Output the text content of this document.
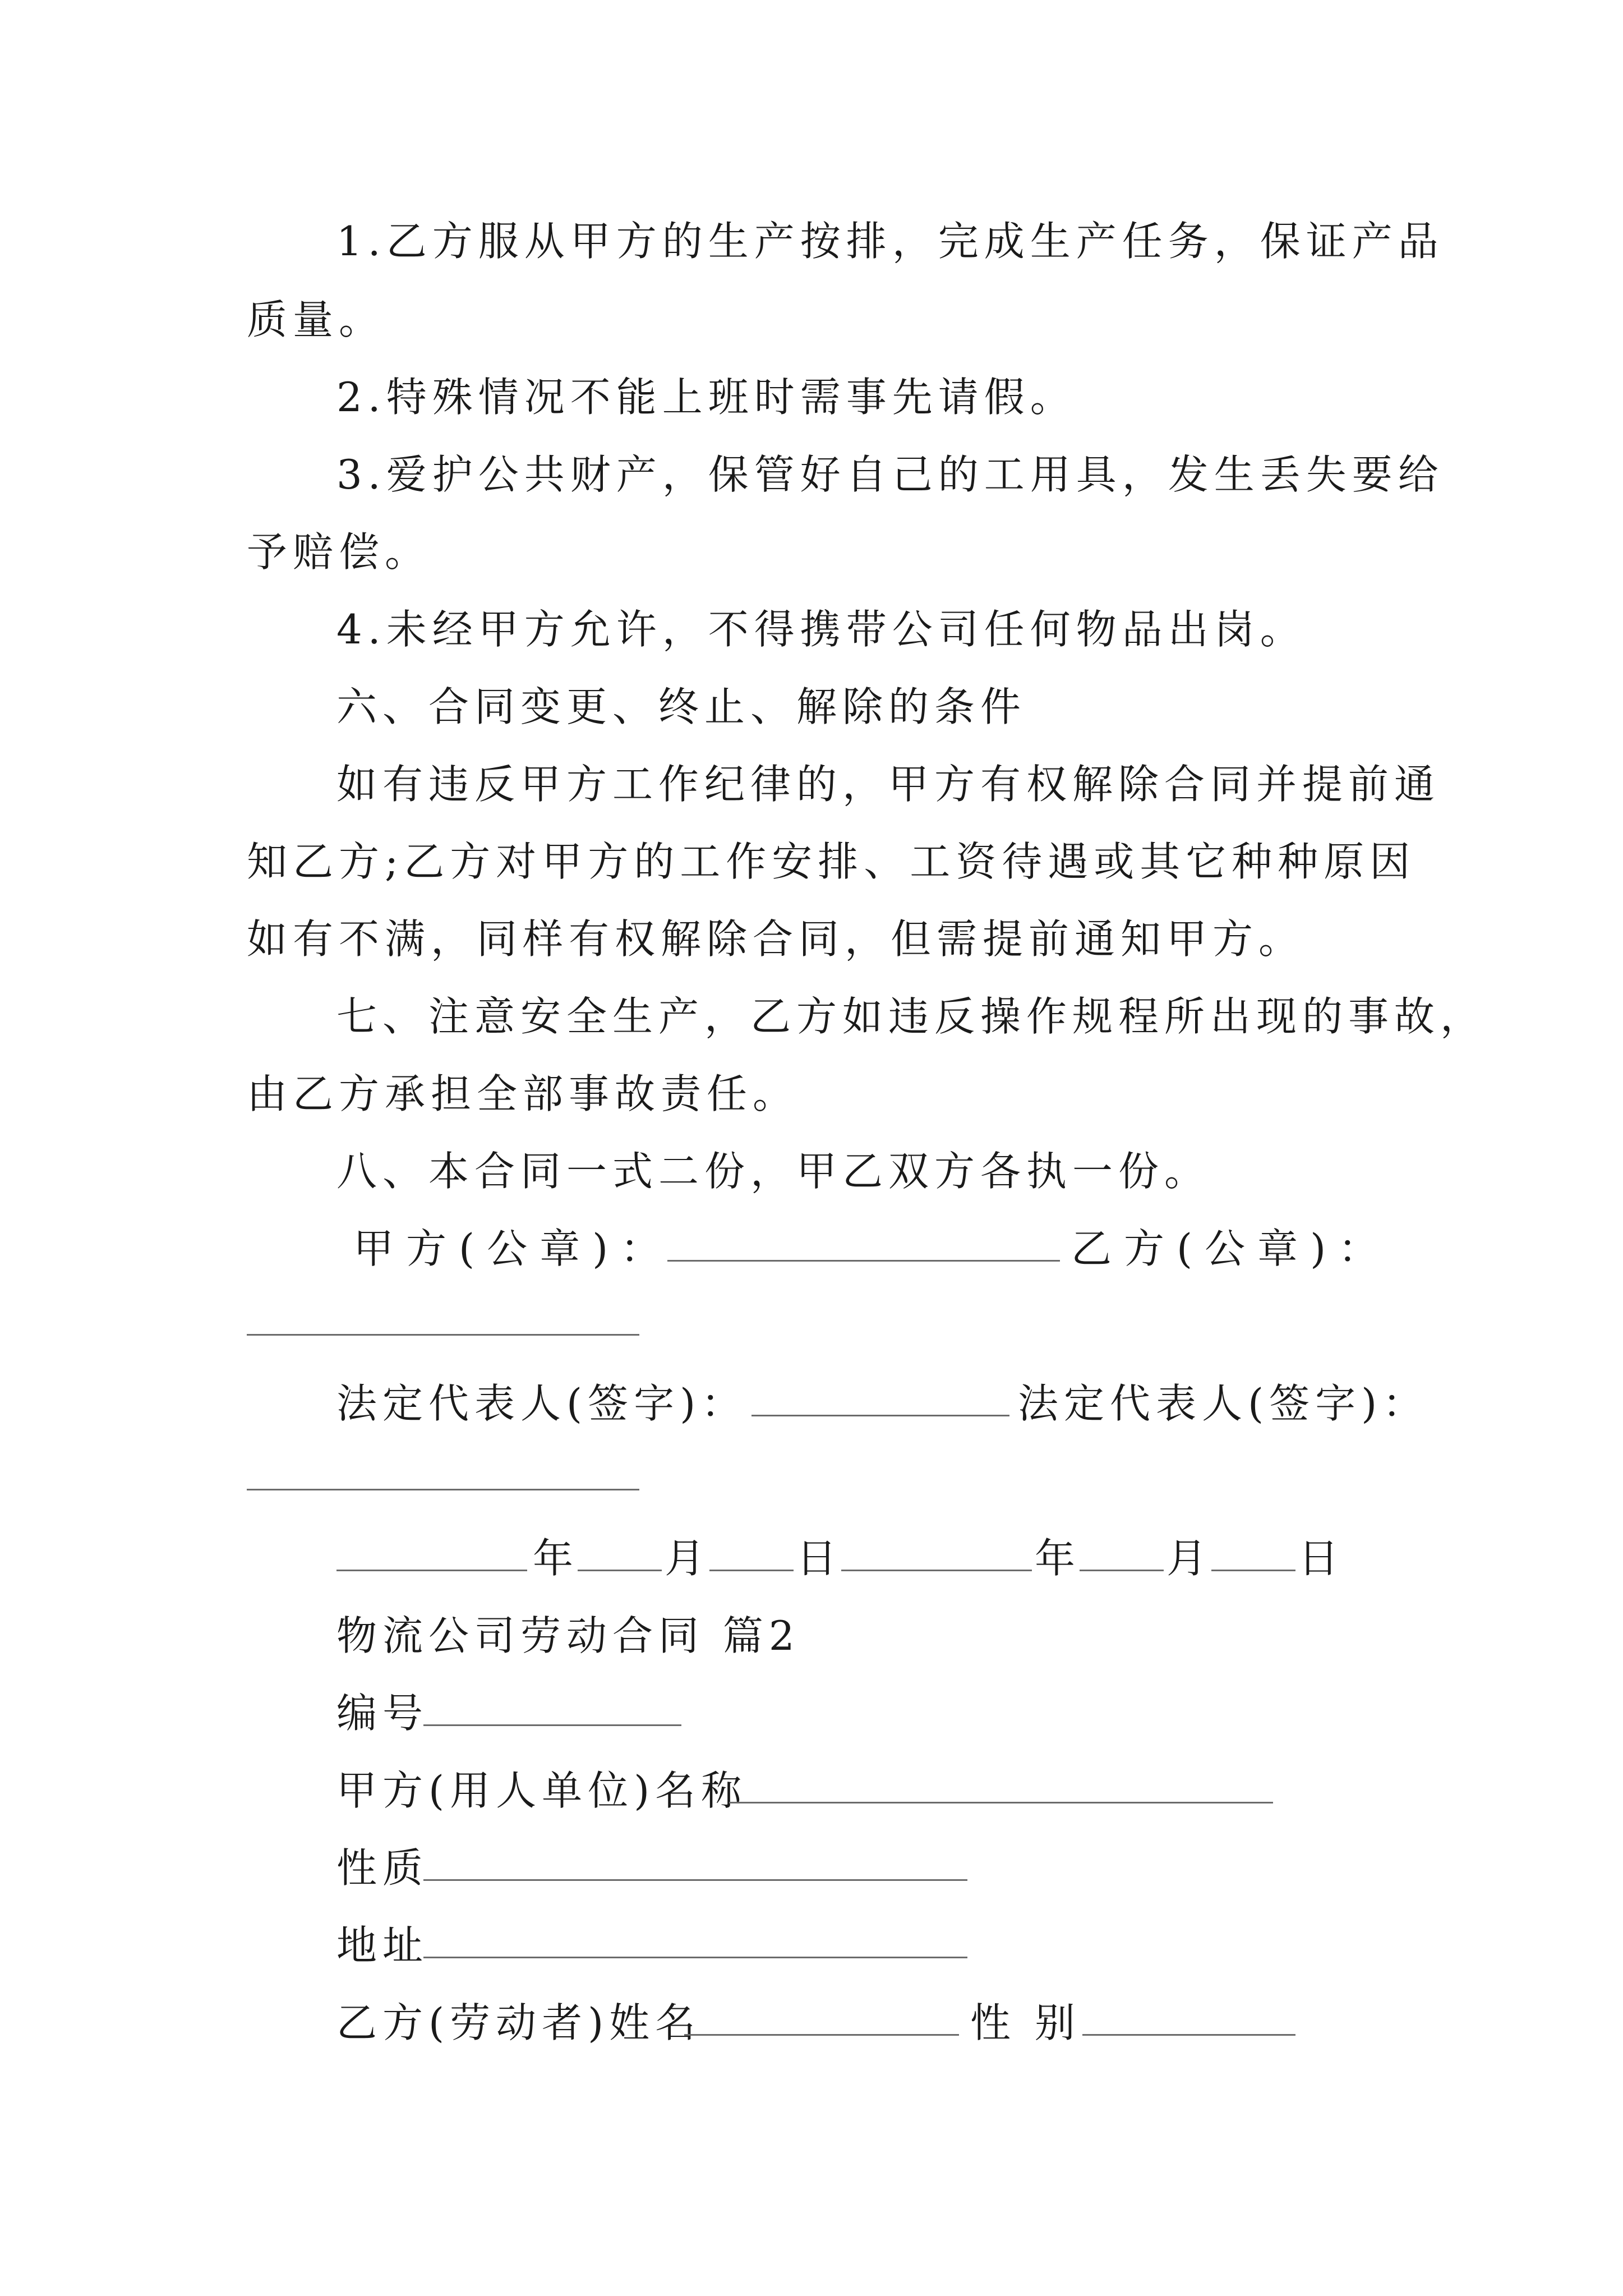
1.乙方服从甲方的生产按排，完成生产任务，保证产品
质量。
2.特殊情况不能上班时需事先请假。
3.爱护公共财产，保管好自己的工用具，发生丢失要给
予赔偿。
4.未经甲方允许，不得携带公司任何物品出岗。
六、合同变更、终止、解除的条件
如有违反甲方工作纪律的，甲方有权解除合同并提前通
知乙方;乙方对甲方的工作安排、工资待遇或其它种种原因
如有不满，同样有权解除合同，但需提前通知甲方。
七、注意安全生产，乙方如违反操作规程所出现的事故，
由乙方承担全部事故责任。
八、本合同一式二份，甲乙双方各执一份。
甲方(公章)：	乙方(公章)：
法定代表人(签字)：	法定代表人(签字)：
年 月 日	年 月 日
物流公司劳动合同 篇2
编号
甲方(用人单位)名称
性质
地址
乙方(劳动者)姓名	性 别
